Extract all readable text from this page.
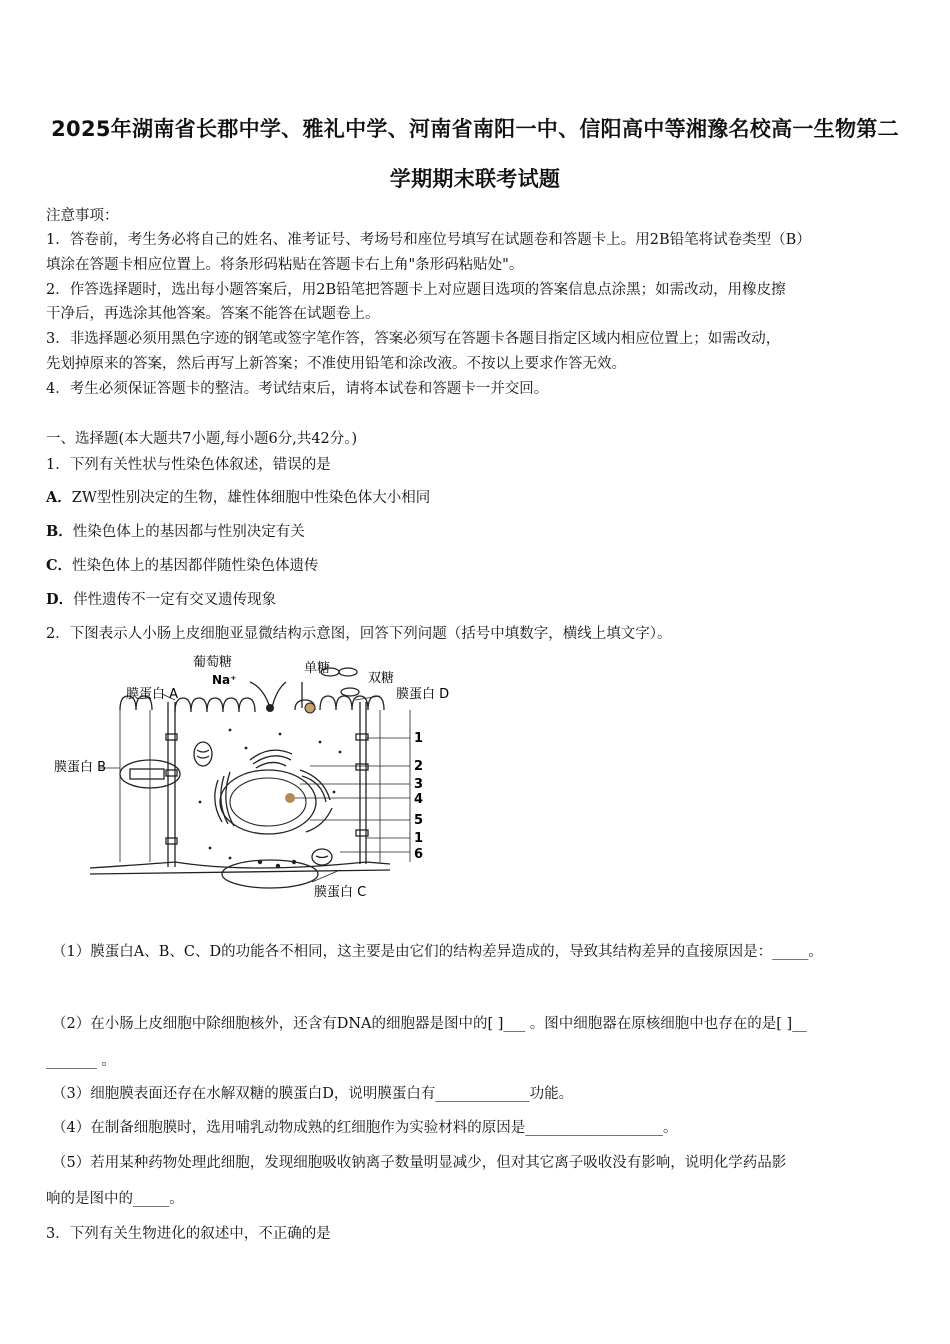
2025年湖南省长郡中学、雅礼中学、河南省南阳一中、信阳高中等湘豫名校高一生物第二
学期期末联考试题
注意事项：
1．答卷前，考生务必将自己的姓名、准考证号、考场号和座位号填写在试题卷和答题卡上。用2B铅笔将试卷类型（B）
填涂在答题卡相应位置上。将条形码粘贴在答题卡右上角"条形码粘贴处"。
2．作答选择题时，选出每小题答案后，用2B铅笔把答题卡上对应题目选项的答案信息点涂黑；如需改动，用橡皮擦
干净后，再选涂其他答案。答案不能答在试题卷上。
3．非选择题必须用黑色字迹的钢笔或签字笔作答，答案必须写在答题卡各题目指定区域内相应位置上；如需改动，
先划掉原来的答案，然后再写上新答案；不准使用铅笔和涂改液。不按以上要求作答无效。
4．考生必须保证答题卡的整洁。考试结束后，请将本试卷和答题卡一并交回。
一、选择题(本大题共7小题,每小题6分,共42分。)
1．下列有关性状与性染色体叙述，错误的是
A．ZW型性别决定的生物，雄性体细胞中性染色体大小相同
B．性染色体上的基因都与性别决定有关
C．性染色体上的基因都伴随性染色体遗传
D．伴性遗传不一定有交叉遗传现象
2．下图表示人小肠上皮细胞亚显微结构示意图，回答下列问题（括号中填数字，横线上填文字）。
葡萄糖
Na⁺
单糖
双糖
膜蛋白 A	膜蛋白 D
膜蛋白 B
膜蛋白 C
1
2
3
4
5
1
6
（1）膜蛋白A、B、C、D的功能各不相同，这主要是由它们的结构差异造成的，导致其结构差异的直接原因是：_____。
（2）在小肠上皮细胞中除细胞核外，还含有DNA的细胞器是图中的[ ]___ 。图中细胞器在原核细胞中也存在的是[ ]__
_______ 。
（3）细胞膜表面还存在水解双糖的膜蛋白D，说明膜蛋白有_____________功能。
（4）在制备细胞膜时，选用哺乳动物成熟的红细胞作为实验材料的原因是___________________。
（5）若用某种药物处理此细胞，发现细胞吸收钠离子数量明显减少，但对其它离子吸收没有影响，说明化学药品影
响的是图中的_____。
3．下列有关生物进化的叙述中，不正确的是
